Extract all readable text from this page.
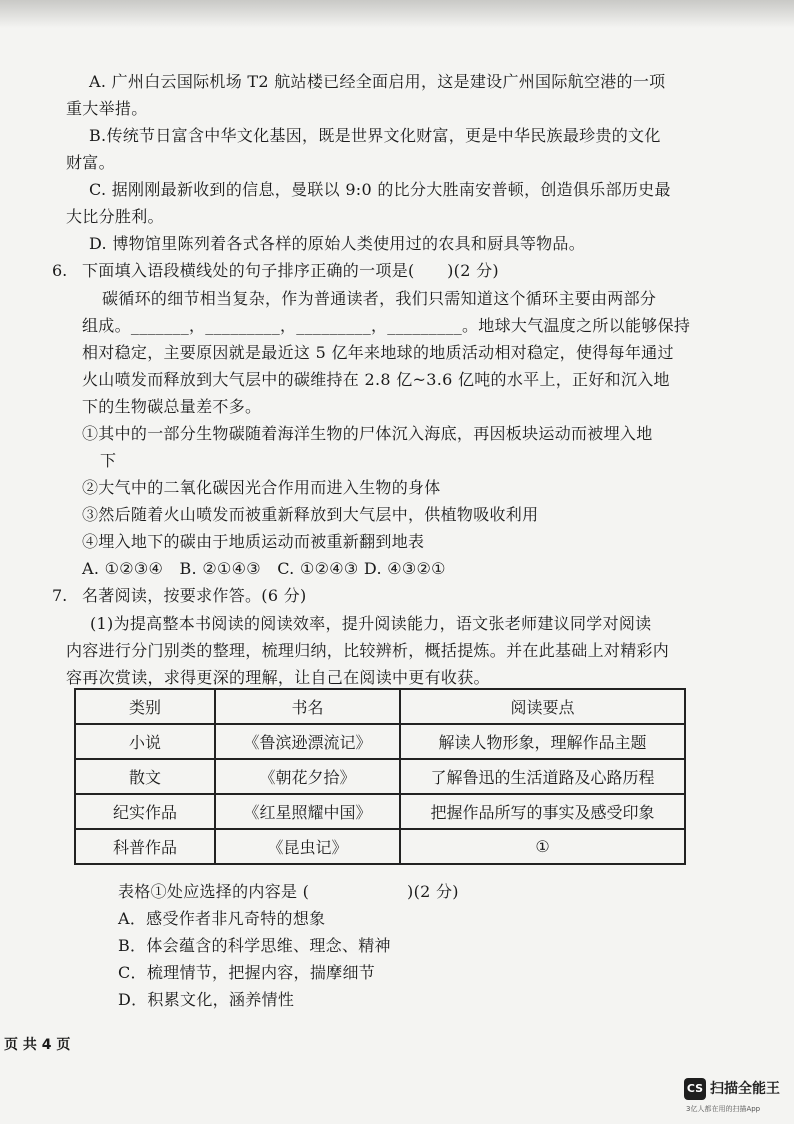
A. 广州白云国际机场 T2 航站楼已经全面启用，这是建设广州国际航空港的一项
重大举措。
B.传统节日富含中华文化基因，既是世界文化财富，更是中华民族最珍贵的文化
财富。
C. 据刚刚最新收到的信息，曼联以 9:0 的比分大胜南安普顿，创造俱乐部历史最
大比分胜利。
D. 博物馆里陈列着各式各样的原始人类使用过的农具和厨具等物品。
6. 下面填入语段横线处的句子排序正确的一项是(　　)(2 分)
碳循环的细节相当复杂，作为普通读者，我们只需知道这个循环主要由两部分
组成。_______，_________，_________，_________。地球大气温度之所以能够保持
相对稳定，主要原因就是最近这 5 亿年来地球的地质活动相对稳定，使得每年通过
火山喷发而释放到大气层中的碳维持在 2.8 亿~3.6 亿吨的水平上，正好和沉入地
下的生物碳总量差不多。
①其中的一部分生物碳随着海洋生物的尸体沉入海底，再因板块运动而被埋入地
下
②大气中的二氧化碳因光合作用而进入生物的身体
③然后随着火山喷发而被重新释放到大气层中，供植物吸收利用
④埋入地下的碳由于地质运动而被重新翻到地表
A. ①②③④　B. ②①④③　C. ①②④③ D. ④③②①
7. 名著阅读，按要求作答。(6 分)
(1)为提高整本书阅读的阅读效率，提升阅读能力，语文张老师建议同学对阅读
内容进行分门别类的整理，梳理归纳，比较辨析，概括提炼。并在此基础上对精彩内
容再次赏读，求得更深的理解，让自己在阅读中更有收获。
类别	书名	阅读要点
小说	《鲁滨逊漂流记》	解读人物形象，理解作品主题
散文	《朝花夕拾》	了解鲁迅的生活道路及心路历程
纪实作品	《红星照耀中国》	把握作品所写的事实及感受印象
科普作品	《昆虫记》	①
表格①处应选择的内容是 (　　　　　　)(2 分)
A．感受作者非凡奇特的想象
B．体会蕴含的科学思维、理念、精神
C．梳理情节，把握内容，揣摩细节
D．积累文化，涵养情性
页 共 4 页
CS 扫描全能王
3亿人都在用的扫描App
